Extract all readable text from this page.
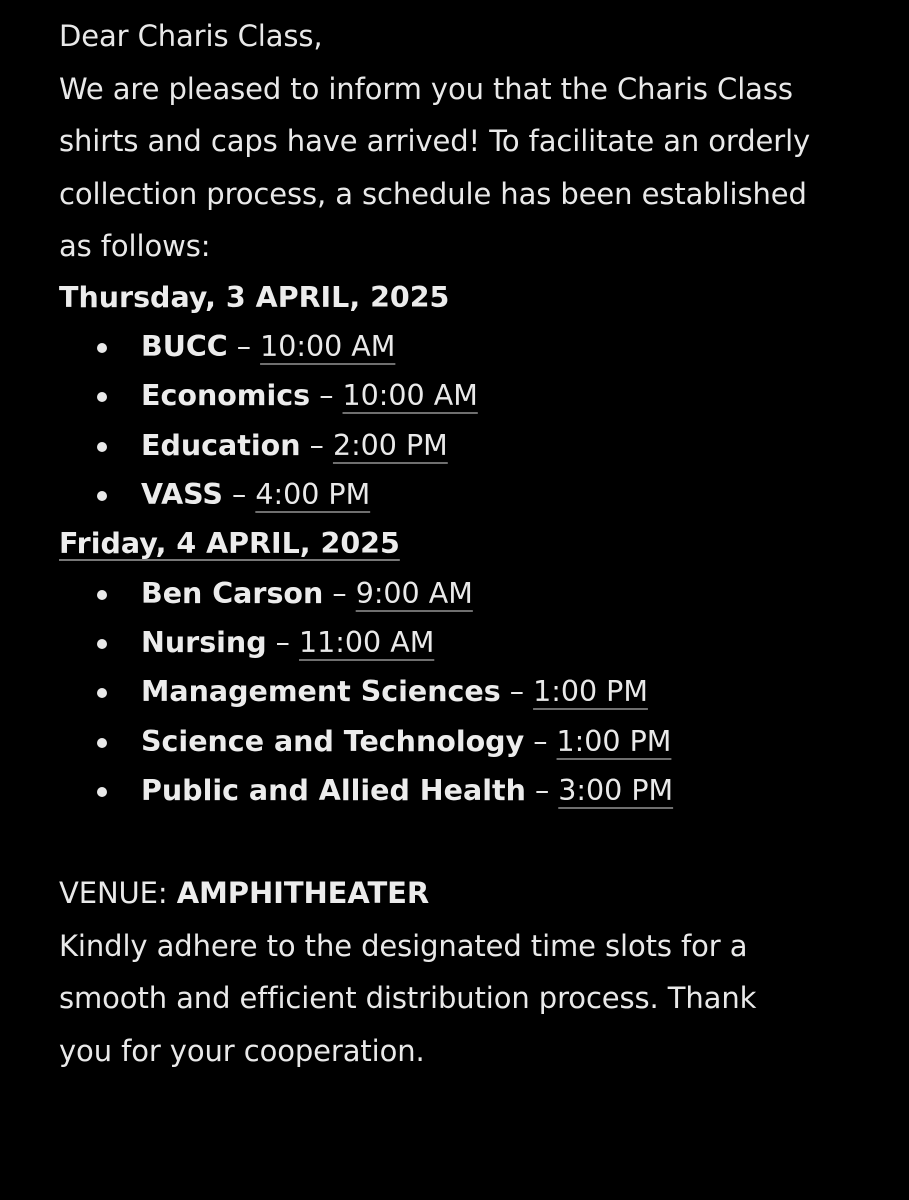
Dear Charis Class,

We are pleased to inform you that the Charis Class

shirts and caps have arrived! To facilitate an orderly

collection process, a schedule has been established

as follows:

Thursday, 3 APRIL, 2025
BUCC – 10:00 AM
Economics – 10:00 AM
Education – 2:00 PM
VASS – 4:00 PM
Friday, 4 APRIL, 2025
Ben Carson – 9:00 AM
Nursing – 11:00 AM
Management Sciences – 1:00 PM
Science and Technology – 1:00 PM
Public and Allied Health – 3:00 PM

VENUE: AMPHITHEATER

Kindly adhere to the designated time slots for a

smooth and efficient distribution process. Thank

you for your cooperation.
